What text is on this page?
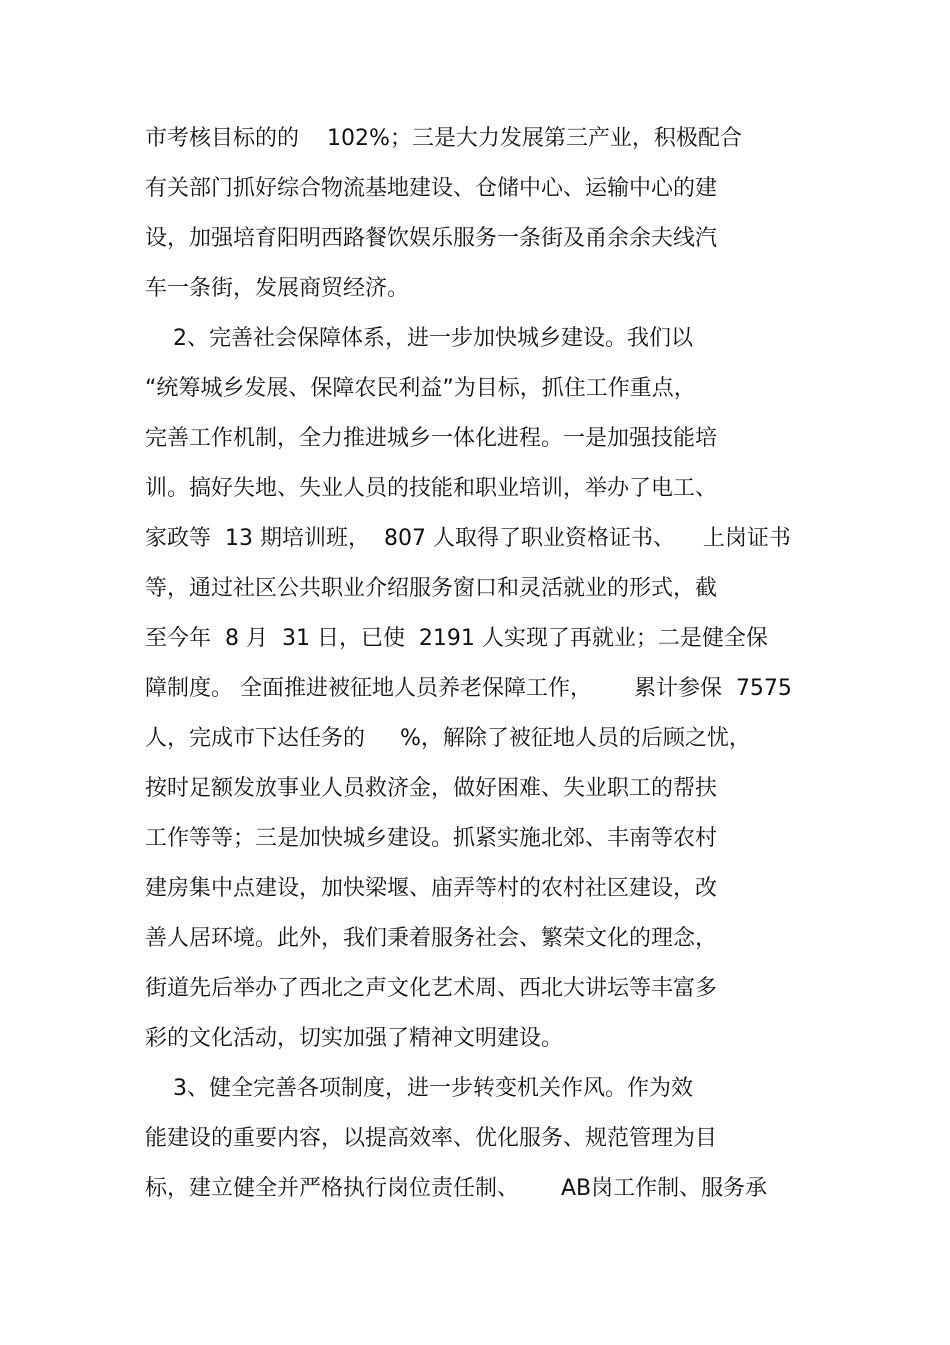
市考核目标的的    102%；三是大力发展第三产业，积极配合
有关部门抓好综合物流基地建设、仓储中心、运输中心的建
设，加强培育阳明西路餐饮娱乐服务一条街及甬余余夫线汽
车一条街，发展商贸经济。
2、完善社会保障体系，进一步加快城乡建设。我们以
“统筹城乡发展、保障农民利益”为目标，抓住工作重点，
完善工作机制，全力推进城乡一体化进程。一是加强技能培
训。搞好失地、失业人员的技能和职业培训，举办了电工、
家政等  13 期培训班，  807 人取得了职业资格证书、    上岗证书
等，通过社区公共职业介绍服务窗口和灵活就业的形式，截
至今年  8 月  31 日，已使  2191 人实现了再就业；二是健全保
障制度。 全面推进被征地人员养老保障工作，      累计参保  7575
人，完成市下达任务的     %，解除了被征地人员的后顾之忧，
按时足额发放事业人员救济金，做好困难、失业职工的帮扶
工作等等；三是加快城乡建设。抓紧实施北郊、丰南等农村
建房集中点建设，加快梁堰、庙弄等村的农村社区建设，改
善人居环境。此外，我们秉着服务社会、繁荣文化的理念，
街道先后举办了西北之声文化艺术周、西北大讲坛等丰富多
彩的文化活动，切实加强了精神文明建设。
3、健全完善各项制度，进一步转变机关作风。作为效
能建设的重要内容，以提高效率、优化服务、规范管理为目
标，建立健全并严格执行岗位责任制、      AB岗工作制、服务承
